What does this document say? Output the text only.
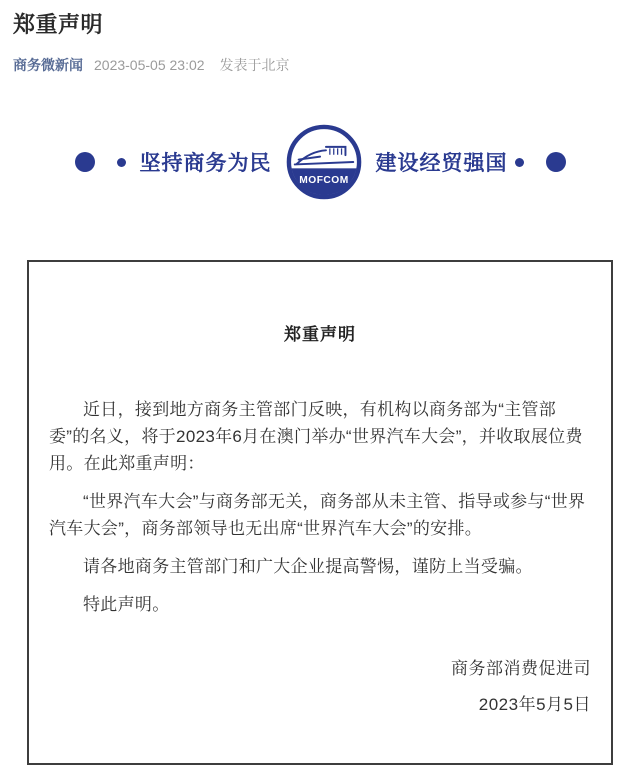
郑重声明
商务微新闻 2023-05-05 23:02 发表于北京
坚持商务为民
MOFCOM
建设经贸强国
郑重声明

近日，接到地方商务主管部门反映，有机构以商务部为“主管部委”的名义，将于2023年6月在澳门举办“世界汽车大会”，并收取展位费用。在此郑重声明：

“世界汽车大会”与商务部无关，商务部从未主管、指导或参与“世界汽车大会”，商务部领导也无出席“世界汽车大会”的安排。

请各地商务主管部门和广大企业提高警惕，谨防上当受骗。

特此声明。

商务部消费促进司

2023年5月5日
